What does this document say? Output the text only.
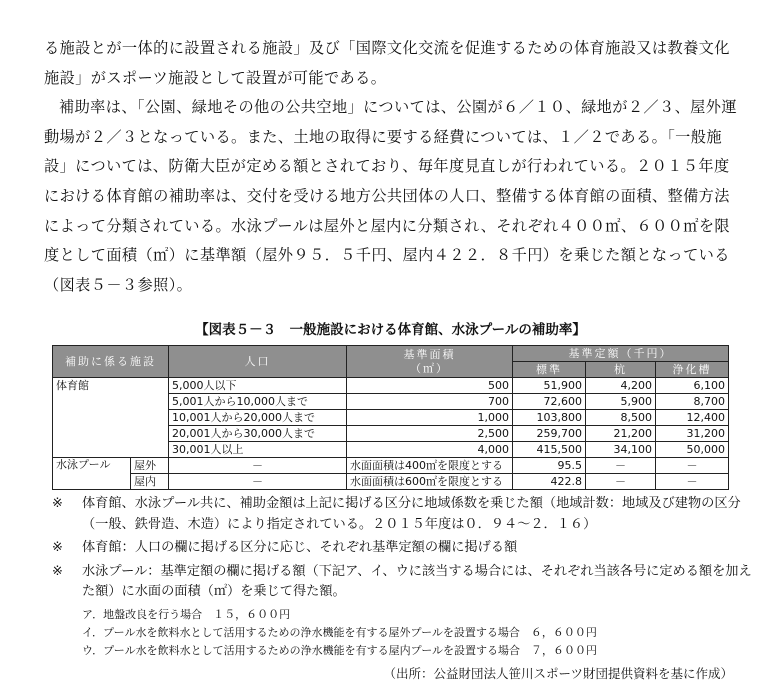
る施設とが一体的に設置される施設」及び「国際文化交流を促進するための体育施設又は教養文化施設」がスポーツ施設として設置が可能である。

補助率は、「公園、緑地その他の公共空地」については、公園が６／１０、緑地が２／３、屋外運動場が２／３となっている。また、土地の取得に要する経費については、１／２である。「一般施設」については、防衛大臣が定める額とされており、毎年度見直しが行われている。２０１５年度における体育館の補助率は、交付を受ける地方公共団体の人口、整備する体育館の面積、整備方法によって分類されている。水泳プールは屋外と屋内に分類され、それぞれ４００㎡、６００㎡を限度として面積（㎡）に基準額（屋外９５．５千円、屋内４２２．８千円）を乗じた額となっている（図表５－３参照）。

【図表５－３　一般施設における体育館、水泳プールの補助率】
補助に係る施設		人口	基準面積
（㎡）	基準定額（千円）		
				標準	杭	浄化槽
体育館		5,000人以下	500	51,900	4,200	6,100
		5,001人から10,000人まで	700	72,600	5,900	8,700
		10,001人から20,000人まで	1,000	103,800	8,500	12,400
		20,001人から30,000人まで	2,500	259,700	21,200	31,200
		30,001人以上	4,000	415,500	34,100	50,000
水泳プール	屋外	－	水面面積は400㎡を限度とする	95.5	－	－
	屋内	－	水面面積は600㎡を限度とする	422.8	－	－
※ 体育館、水泳プール共に、補助金額は上記に掲げる区分に地域係数を乗じた額（地域計数：地域及び建物の区分（一般、鉄骨造、木造）により指定されている。２０１５年度は０．９４～２．１６）
※ 体育館：人口の欄に掲げる区分に応じ、それぞれ基準定額の欄に掲げる額
※ 水泳プール：基準定額の欄に掲げる額（下記ア、イ、ウに該当する場合には、それぞれ当該各号に定める額を加えた額）に水面の面積（㎡）を乗じて得た額。
ア．地盤改良を行う場合　１５，６００円
イ．プール水を飲料水として活用するための浄水機能を有する屋外プールを設置する場合　６，６００円
ウ．プール水を飲料水として活用するための浄水機能を有する屋内プールを設置する場合　７，６００円
（出所：公益財団法人笹川スポーツ財団提供資料を基に作成）
